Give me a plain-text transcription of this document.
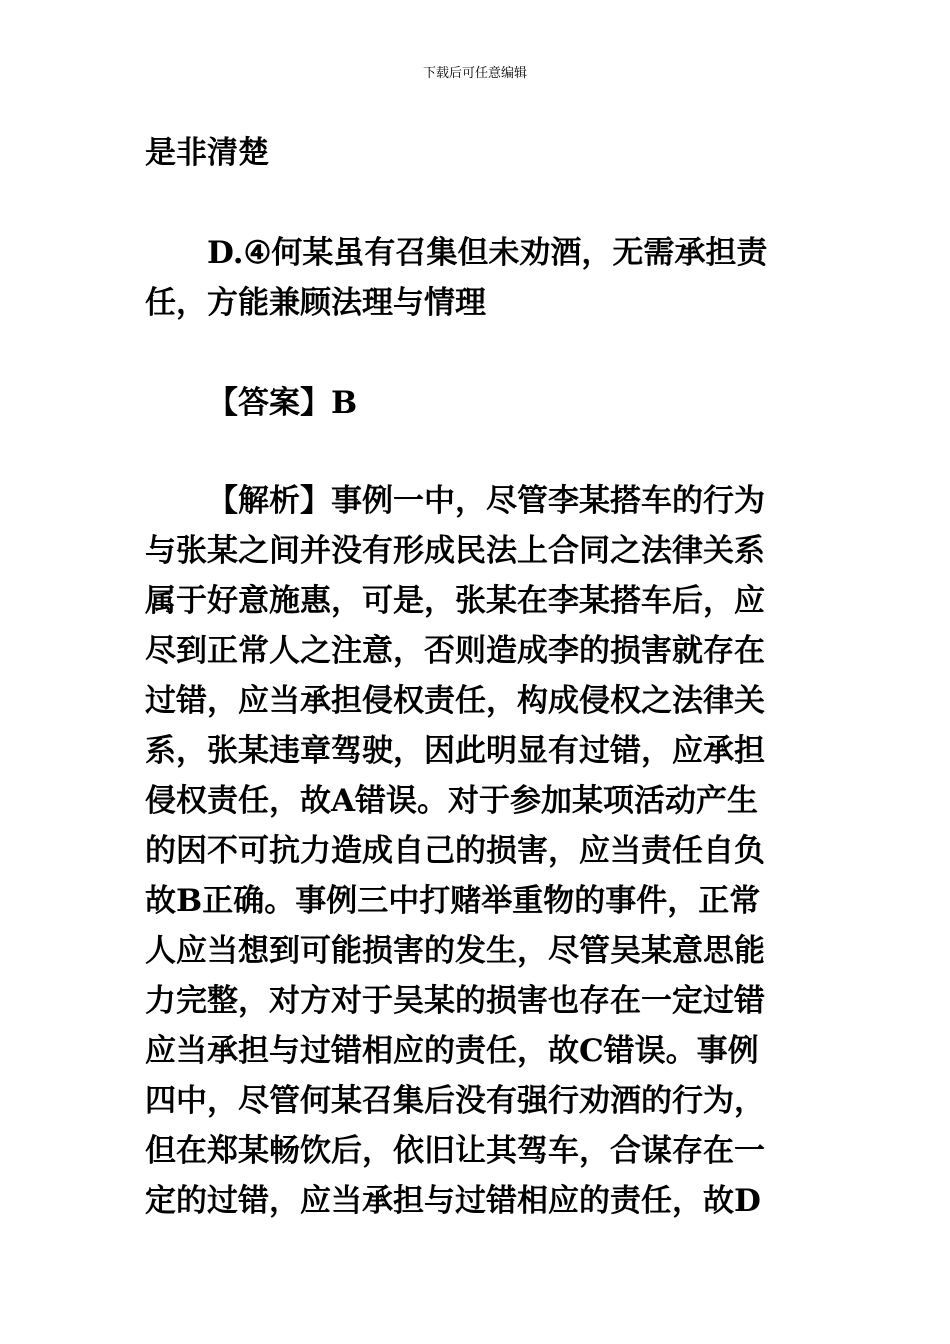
下载后可任意编辑
是非清楚
D.④何某虽有召集但未劝酒，无需承担责
任，方能兼顾法理与情理
【答案】B
【解析】事例一中，尽管李某搭车的行为
与张某之间并没有形成民法上合同之法律关系
属于好意施惠，可是，张某在李某搭车后，应
尽到正常人之注意，否则造成李的损害就存在
过错，应当承担侵权责任，构成侵权之法律关
系，张某违章驾驶，因此明显有过错，应承担
侵权责任，故A错误。对于参加某项活动产生
的因不可抗力造成自己的损害，应当责任自负
故B正确。事例三中打赌举重物的事件，正常
人应当想到可能损害的发生，尽管吴某意思能
力完整，对方对于吴某的损害也存在一定过错
应当承担与过错相应的责任，故C错误。事例
四中，尽管何某召集后没有强行劝酒的行为，
但在郑某畅饮后，依旧让其驾车，合谋存在一
定的过错，应当承担与过错相应的责任，故D
